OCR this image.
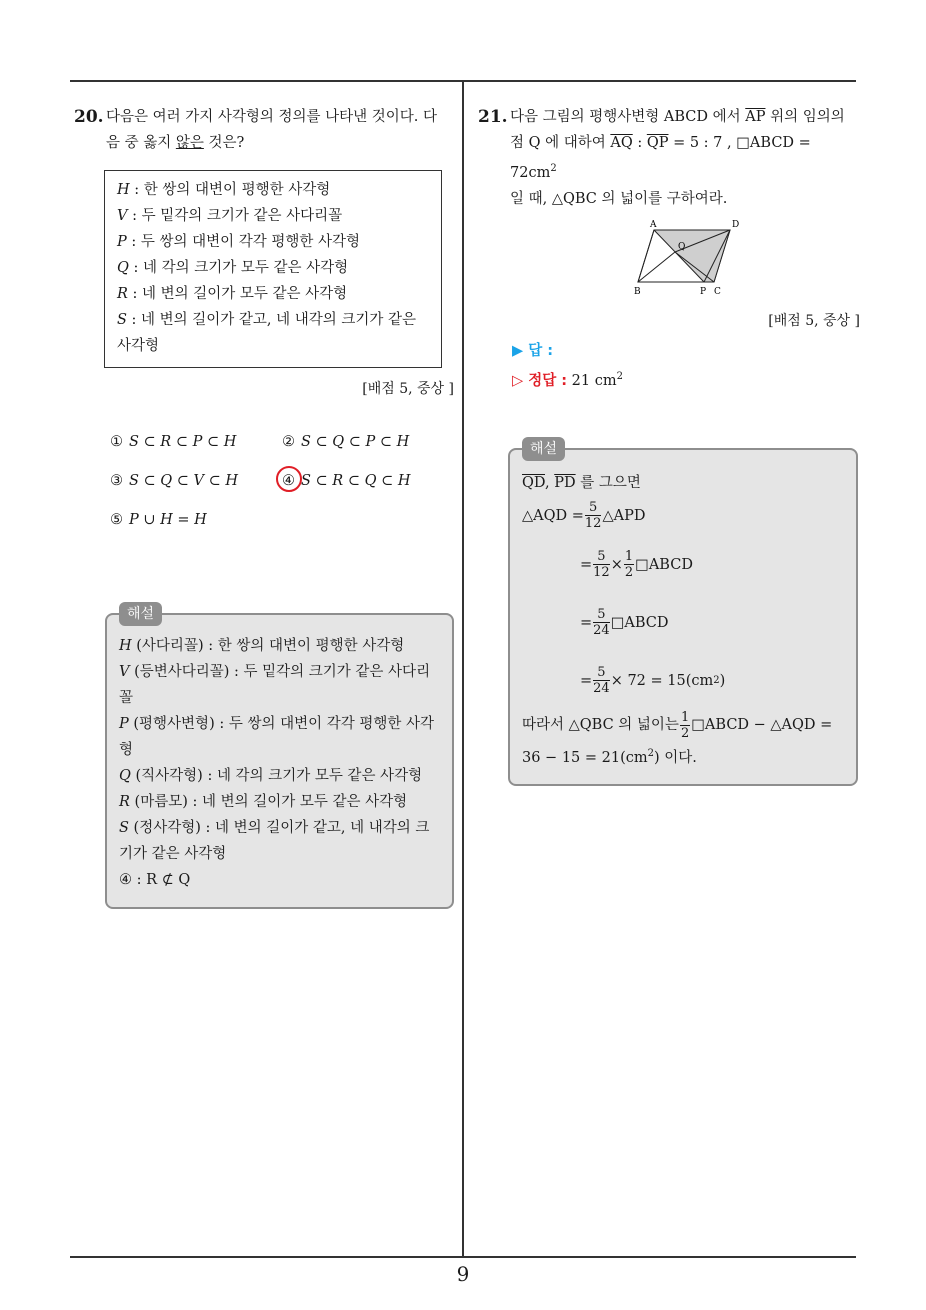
9
20. 다음은 여러 가지 사각형의 정의를 나타낸 것이다. 다
음 중 옳지 않은 것은?
H : 한 쌍의 대변이 평행한 사각형
V : 두 밑각의 크기가 같은 사다리꼴
P : 두 쌍의 대변이 각각 평행한 사각형
Q : 네 각의 크기가 모두 같은 사각형
R : 네 변의 길이가 모두 같은 사각형
S : 네 변의 길이가 같고, 네 내각의 크기가 같은 사각형
[배점 5, 중상 ]
① S ⊂ R ⊂ P ⊂ H	② S ⊂ Q ⊂ P ⊂ H
③ S ⊂ Q ⊂ V ⊂ H	④ S ⊂ R ⊂ Q ⊂ H
⑤ P ∪ H = H
해설
H (사다리꼴) : 한 쌍의 대변이 평행한 사각형
V (등변사다리꼴) : 두 밑각의 크기가 같은 사다리꼴
P (평행사변형) : 두 쌍의 대변이 각각 평행한 사각형
Q (직사각형) : 네 각의 크기가 모두 같은 사각형
R (마름모) : 네 변의 길이가 모두 같은 사각형
S (정사각형) : 네 변의 길이가 같고, 네 내각의 크기가 같은 사각형
④ : R ⊄ Q
21. 다음 그림의 평행사변형 ABCD 에서 $\overline{AP}$ 위의 임의의
점 Q 에 대하여 $\overline{AQ}$ : $\overline{QP} = 5$ : 7 , □ABCD = $72cm^2$
일 때, △QBC 의 넓이를 구하여라.
A	D
Q
B	P C
[배점 5, 중상 ]
▶ 답 :
▷ 정답 : 21 $cm^2$
해설
$\overline{QD}$, $\overline{PD}$ 를 그으면
△AQD = $\frac{5}{12}$ △APD
= $\frac{5}{12} \times \frac{1}{2}$ □ABCD
= $\frac{5}{24}$ □ABCD
= $\frac{5}{24} \times 72 = 15(cm$ 2 )
따라서 △QBC 의 넓이는 $\frac{1}{2}$ □ABCD − △AQD =
$36 - 15 = 21(cm^2)$ 이다.
